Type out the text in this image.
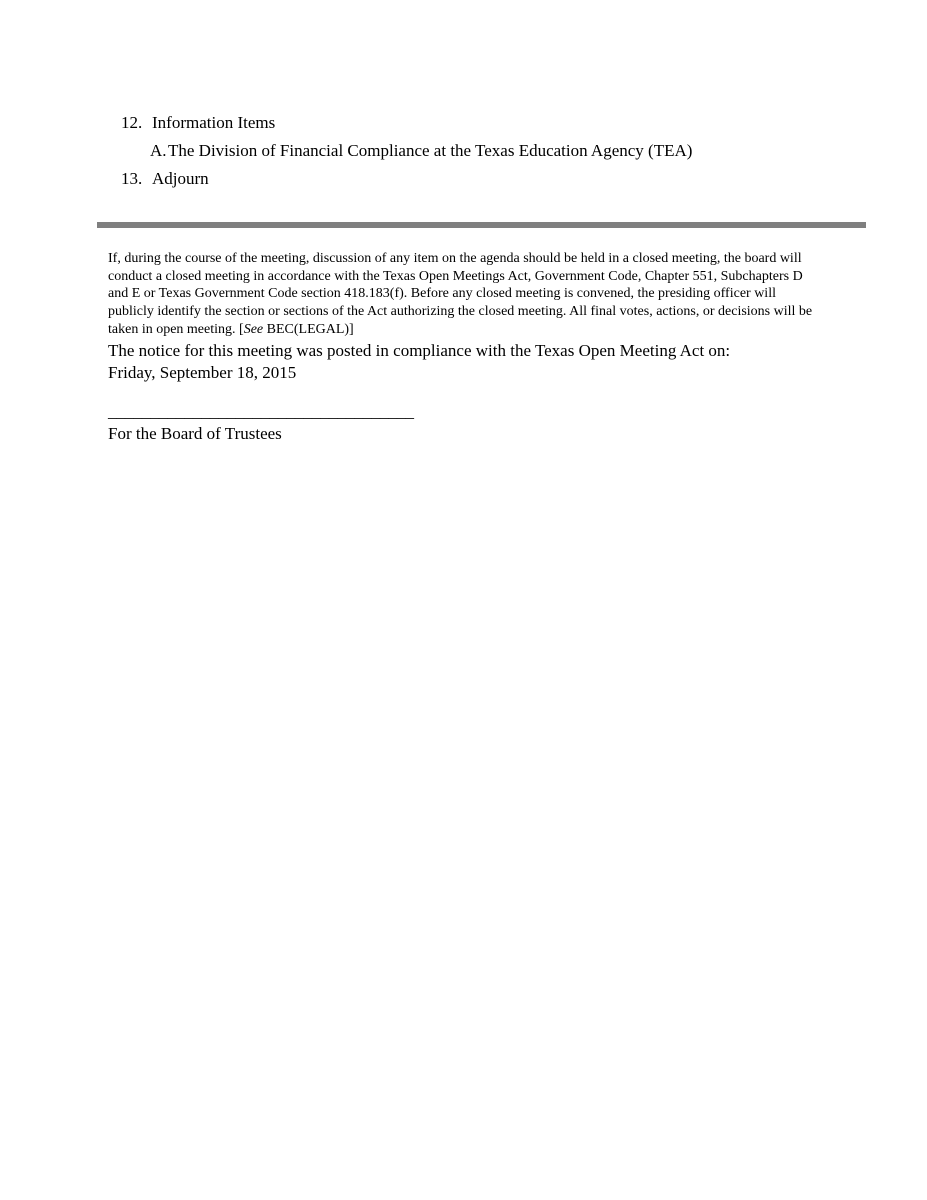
12. Information Items
A. The Division of Financial Compliance at the Texas Education Agency (TEA)
13. Adjourn

If, during the course of the meeting, discussion of any item on the agenda should be held in a closed meeting, the board will conduct a closed meeting in accordance with the Texas Open Meetings Act, Government Code, Chapter 551, Subchapters D and E or Texas Government Code section 418.183(f). Before any closed meeting is convened, the presiding officer will publicly identify the section or sections of the Act authorizing the closed meeting. All final votes, actions, or decisions will be taken in open meeting. [See BEC(LEGAL)]

The notice for this meeting was posted in compliance with the Texas Open Meeting Act on:
Friday, September 18, 2015
____________________________________
For the Board of Trustees
